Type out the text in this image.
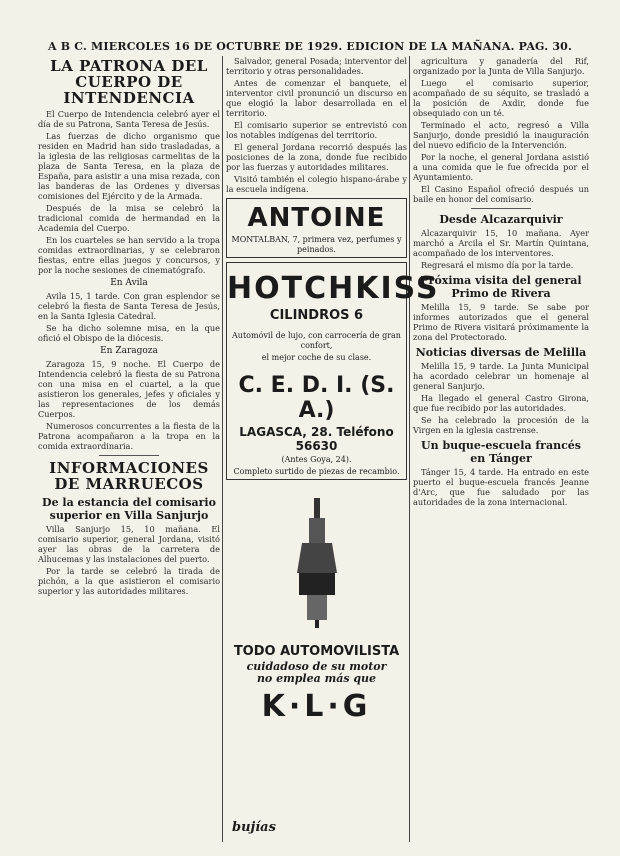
A B C. MIERCOLES 16 DE OCTUBRE DE 1929. EDICION DE LA MAÑANA. PAG. 30.
LA PATRONA DEL CUERPO DE INTENDENCIA

El Cuerpo de Intendencia celebró ayer el día de su Patrona, Santa Teresa de Jesús.

Las fuerzas de dicho organismo que residen en Madrid han sido trasladadas, a la iglesia de las religiosas carmelitas de la plaza de Santa Teresa, en la plaza de España, para asistir a una misa rezada, con las banderas de las Ordenes y diversas comisiones del Ejército y de la Armada.

Después de la misa se celebró la tradicional comida de hermandad en la Academia del Cuerpo.

En los cuarteles se han servido a la tropa comidas extraordinarias, y se celebraron fiestas, entre ellas juegos y concursos, y por la noche sesiones de cinematógrafo.

En Avila

Avila 15, 1 tarde. Con gran esplendor se celebró la fiesta de Santa Teresa de Jesús, en la Santa Iglesia Catedral.

Se ha dicho solemne misa, en la que ofició el Obispo de la diócesis.

En Zaragoza

Zaragoza 15, 9 noche. El Cuerpo de Intendencia celebró la fiesta de su Patrona con una misa en el cuartel, a la que asistieron los generales, jefes y oficiales y las representaciones de los demás Cuerpos.

Numerosos concurrentes a la fiesta de la Patrona acompañaron a la tropa en la comida extraordinaria.

INFORMACIONES DE MARRUECOS
De la estancia del comisario superior en Villa Sanjurjo

Villa Sanjurjo 15, 10 mañana. El comisario superior, general Jordana, visitó ayer las obras de la carretera de Alhucemas y las instalaciones del puerto.

Por la tarde se celebró la tirada de pichón, a la que asistieron el comisario superior y las autoridades militares.

Salvador, general Posada; interventor del territorio y otras personalidades.

Antes de comenzar el banquete, el interventor civil pronunció un discurso en que elogió la labor desarrollada en el territorio.

El comisario superior se entrevistó con los notables indígenas del territorio.

El general Jordana recorrió después las posiciones de la zona, donde fue recibido por las fuerzas y autoridades militares.

Visitó también el colegio hispano-árabe y la escuela indígena.

ANTOINE
MONTALBAN, 7, primera vez, perfumes y peinados.
HOTCHKISS
CILINDROS 6
Automóvil de lujo, con carrocería de gran confort,
el mejor coche de su clase.
C. E. D. I. (S. A.)
LAGASCA, 28. Teléfono 56630
(Antes Goya, 24).
Completo surtido de piezas de recambio.
TODO AUTOMOVILISTA
cuidadoso de su motor
no emplea más que
K·L·G
bujías

agricultura y ganadería del Rif, organizado por la Junta de Villa Sanjurjo.

Luego el comisario superior, acompañado de su séquito, se trasladó a la posición de Axdir, donde fue obsequiado con un té.

Terminado el acto, regresó a Villa Sanjurjo, donde presidió la inauguración del nuevo edificio de la Intervención.

Por la noche, el general Jordana asistió a una comida que le fue ofrecida por el Ayuntamiento.

El Casino Español ofreció después un baile en honor del comisario.

Desde Alcazarquivir

Alcazarquivir 15, 10 mañana. Ayer marchó a Arcila el Sr. Martín Quintana, acompañado de los interventores.

Regresará el mismo día por la tarde.

Próxima visita del general Primo de Rivera

Melilla 15, 9 tarde. Se sabe por informes autorizados que el general Primo de Rivera visitará próximamente la zona del Protectorado.

Noticias diversas de Melilla

Melilla 15, 9 tarde. La Junta Municipal ha acordado celebrar un homenaje al general Sanjurjo.

Ha llegado el general Castro Girona, que fue recibido por las autoridades.

Se ha celebrado la procesión de la Virgen en la iglesia castrense.

Un buque-escuela francés en Tánger

Tánger 15, 4 tarde. Ha entrado en este puerto el buque-escuela francés Jeanne d'Arc, que fue saludado por las autoridades de la zona internacional.
